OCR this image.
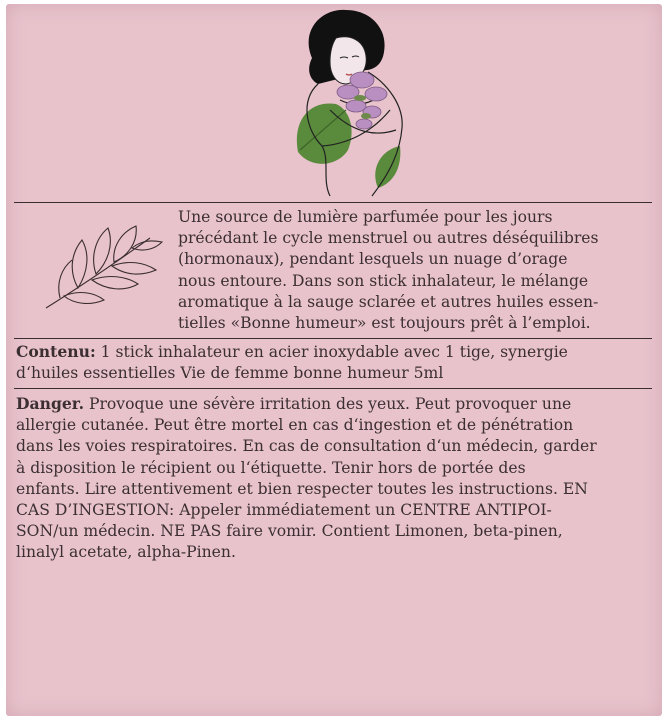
Une source de lumière parfumée pour les jours
précédant le cycle menstruel ou autres déséquilibres
(hormonaux), pendant lesquels un nuage d’orage
nous entoure. Dans son stick inhalateur, le mélange
aromatique à la sauge sclarée et autres huiles essen-
tielles «Bonne humeur» est toujours prêt à l’emploi.

Contenu: 1 stick inhalateur en acier inoxydable avec 1 tige, synergie
d‘huiles essentielles Vie de femme bonne humeur 5ml

Danger. Provoque une sévère irritation des yeux. Peut provoquer une
allergie cutanée. Peut être mortel en cas d‘ingestion et de pénétration
dans les voies respiratoires. En cas de consultation d‘un médecin, garder
à disposition le récipient ou l‘étiquette. Tenir hors de portée des
enfants. Lire attentivement et bien respecter toutes les instructions. EN
CAS D’INGESTION: Appeler immédiatement un CENTRE ANTIPOI-
SON/un médecin. NE PAS faire vomir. Contient Limonen, beta-pinen,
linalyl acetate, alpha-Pinen.
